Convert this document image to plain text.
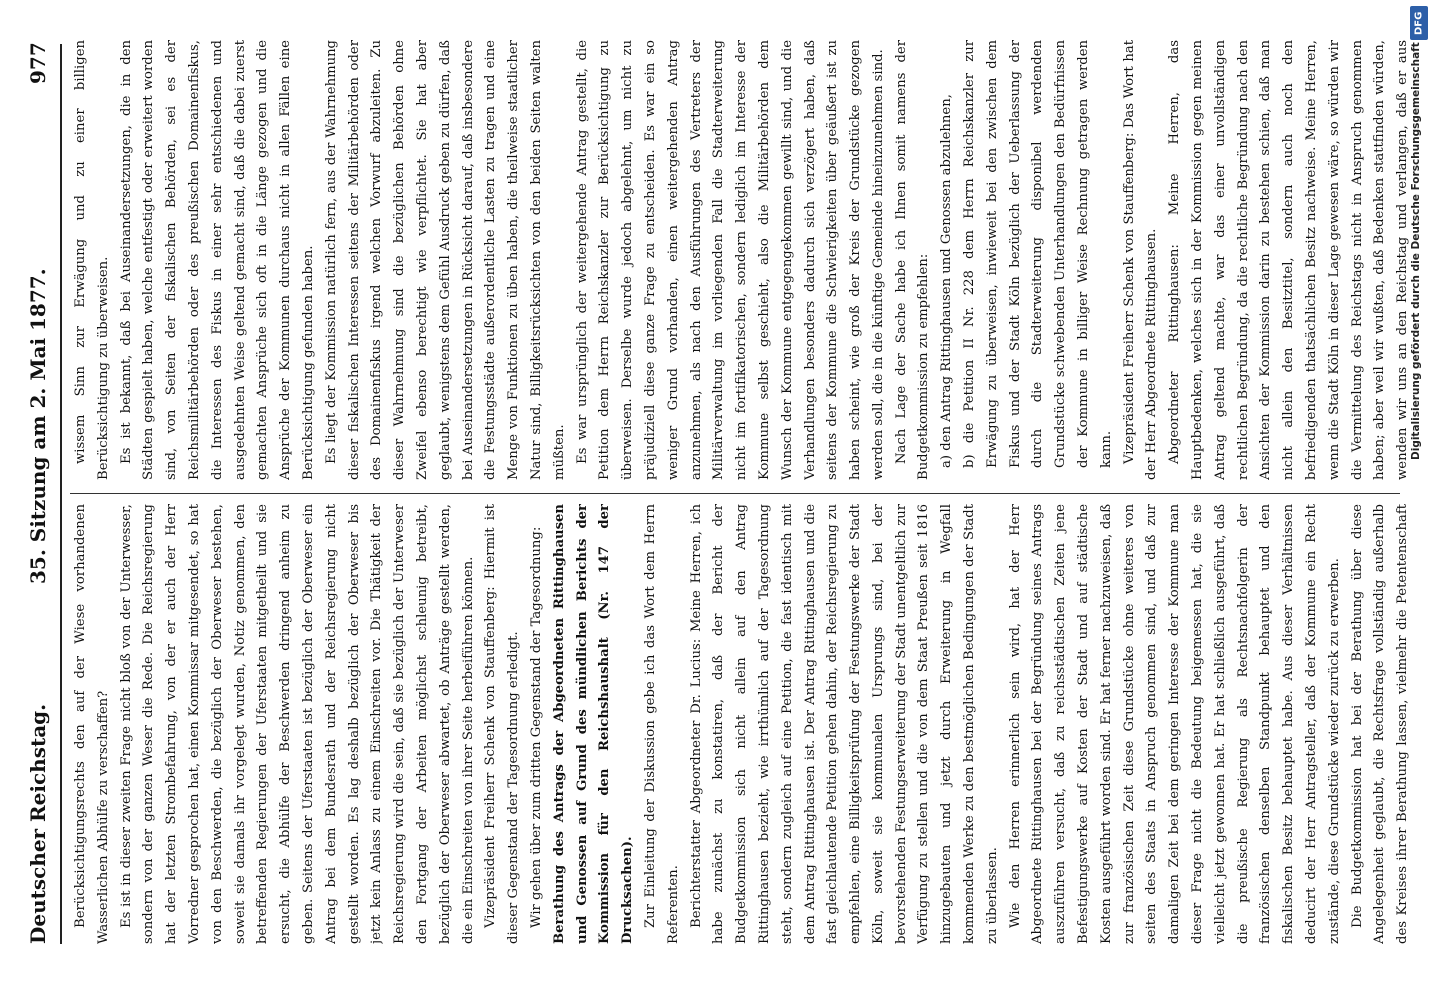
Deutscher Reichstag.
35. Sitzung am 2. Mai 1877.
977

Berücksichtigungsrechts den auf der Wiese vorhandenen Wasserlichen Abhülfe zu verschaffen? Es ist in dieser zweiten Frage nicht bloß von der Unterwesser, sondern von der ganzen Weser die Rede. Die Reichsregierung hat der letzten Strombefahrung, von der er auch der Herr Vorredner gesprochen hat, einen Kommissar mitgesendet, so hat von den Beschwerden, die bezüglich der Oberweser bestehen, soweit sie damals ihr vorgelegt wurden, Notiz genommen, den betreffenden Regierungen der Uferstaaten mitgetheilt und sie ersucht, die Abhülfe der Beschwerden dringend anheim zu geben. Seitens der Uferstaaten ist bezüglich der Oberweser ein Antrag bei dem Bundesrath und der Reichsregierung nicht gestellt worden. Es lag deshalb bezüglich der Oberweser bis jetzt kein Anlass zu einem Einschreiten vor. Die Thätigkeit der Reichsregierung wird die sein, daß sie bezüglich der Unterweser den Fortgang der Arbeiten möglichst schleunig betreibt, bezüglich der Oberweser abwartet, ob Anträge gestellt werden, die ein Einschreiten von ihrer Seite herbeiführen können. Vizepräsident Freiherr Schenk von Stauffenberg: Hiermit ist dieser Gegenstand der Tagesordnung erledigt. Wir gehen über zum dritten Gegenstand der Tagesordnung: Berathung des Antrags der Abgeordneten Rittinghausen und Genossen auf Grund des mündlichen Berichts der Kommission für den Reichshaushalt (Nr. 147 der Drucksachen). Zur Einleitung der Diskussion gebe ich das Wort dem Herrn Referenten. Berichterstatter Abgeordneter Dr. Lucius: Meine Herren, ich habe zunächst zu konstatiren, daß der Bericht der Budgetkommission sich nicht allein auf den Antrag Rittinghausen bezieht, wie irrthümlich auf der Tagesordnung steht, sondern zugleich auf eine Petition, die fast identisch mit dem Antrag Rittinghausen ist. Der Antrag Rittinghausen und die fast gleichlautende Petition gehen dahin, der Reichsregierung zu empfehlen, eine Billigkeitsprüfung der Festungswerke der Stadt Köln, soweit sie kommunalen Ursprungs sind, bei der bevorstehenden Festungserweiterung der Stadt unentgeltlich zur Verfügung zu stellen und die von dem Staat Preußen seit 1816 hinzugebauten und jetzt durch Erweiterung in Wegfall kommenden Werke zu den bestmöglichen Bedingungen der Stadt zu überlassen. Wie den Herren erinnerlich sein wird, hat der Herr Abgeordnete Rittinghausen bei der Begründung seines Antrags auszuführen versucht, daß zu reichsstädtischen Zeiten jene Befestigungswerke auf Kosten der Stadt und auf städtische Kosten ausgeführt worden sind. Er hat ferner nachzuweisen, daß zur französischen Zeit diese Grundstücke ohne weiteres von seiten des Staats in Anspruch genommen sind, und daß zur damaligen Zeit bei dem geringen Interesse der Kommune man dieser Frage nicht die Bedeutung beigemessen hat, die sie vielleicht jetzt gewonnen hat. Er hat schließlich ausgeführt, daß die preußische Regierung als Rechtsnachfolgerin der französischen denselben Standpunkt behauptet und den fiskalischen Besitz behauptet habe. Aus dieser Verhältnissen deducirt der Herr Antragsteller, daß der Kommune ein Recht zustände, diese Grundstücke wieder zurück zu erwerben. Die Budgetkommission hat bei der Berathung über diese Angelegenheit geglaubt, die Rechtsfrage vollständig außerhalb des Kreises ihrer Berathung lassen, vielmehr die Petentenschaft

wissem Sinn zur Erwägung und zu einer billigen Berücksichtigung zu überweisen. Es ist bekannt, daß bei Auseinandersetzungen, die in den Städten gespielt haben, welche entfestigt oder erweitert worden sind, von Seiten der fiskalischen Behörden, sei es der Reichsmilitärbehörden oder des preußischen Domainenfiskus, die Interessen des Fiskus in einer sehr entschiedenen und ausgedehnten Weise geltend gemacht sind, daß die dabei zuerst gemachten Ansprüche sich oft in die Länge gezogen und die Ansprüche der Kommunen durchaus nicht in allen Fällen eine Berücksichtigung gefunden haben. Es liegt der Kommission natürlich fern, aus der Wahrnehmung dieser fiskalischen Interessen seitens der Militärbehörden oder des Domainenfiskus irgend welchen Vorwurf abzuleiten. Zu dieser Wahrnehmung sind die bezüglichen Behörden ohne Zweifel ebenso berechtigt wie verpflichtet. Sie hat aber geglaubt, wenigstens dem Gefühl Ausdruck geben zu dürfen, daß bei Auseinandersetzungen in Rücksicht darauf, daß insbesondere die Festungsstädte außerordentliche Lasten zu tragen und eine Menge von Funktionen zu üben haben, die theilweise staatlicher Natur sind, Billigkeitsrücksichten von den beiden Seiten walten müßten. Es war ursprünglich der weitergehende Antrag gestellt, die Petition dem Herrn Reichskanzler zur Berücksichtigung zu überweisen. Derselbe wurde jedoch abgelehnt, um nicht zu präjudiziell diese ganze Frage zu entscheiden. Es war ein so weniger Grund vorhanden, einen weitergehenden Antrag anzunehmen, als nach den Ausführungen des Vertreters der Militärverwaltung im vorliegenden Fall die Stadterweiterung nicht im fortifikatorischen, sondern lediglich im Interesse der Kommune selbst geschieht, also die Militärbehörden dem Wunsch der Kommune entgegengekommen gewillt sind, und die Verhandlungen besonders dadurch sich verzögert haben, daß seitens der Kommune die Schwierigkeiten über geäußert ist zu haben scheint, wie groß der Kreis der Grundstücke gezogen werden soll, die in die künftige Gemeinde hineinzunehmen sind. Nach Lage der Sache habe ich Ihnen somit namens der Budgetkommission zu empfehlen: a) den Antrag Rittinghausen und Genossen abzulehnen, b) die Petition II Nr. 228 dem Herrn Reichskanzler zur Erwägung zu überweisen, inwieweit bei den zwischen dem Fiskus und der Stadt Köln bezüglich der Ueberlassung der durch die Stadterweiterung disponibel werdenden Grundstücke schwebenden Unterhandlungen den Bedürfnissen der Kommune in billiger Weise Rechnung getragen werden kann. Vizepräsident Freiherr Schenk von Stauffenberg: Das Wort hat der Herr Abgeordnete Rittinghausen. Abgeordneter Rittinghausen: Meine Herren, das Hauptbedenken, welches sich in der Kommission gegen meinen Antrag geltend machte, war das einer unvollständigen rechtlichen Begründung, da die rechtliche Begründung nach den Ansichten der Kommission darin zu bestehen schien, daß man nicht allein den Besitztitel, sondern auch noch den befriedigenden thatsächlichen Besitz nachweise. Meine Herren, wenn die Stadt Köln in dieser Lage gewesen wäre, so würden wir die Vermittelung des Reichstags nicht in Anspruch genommen haben; aber weil wir wußten, daß Bedenken stattfinden würden, wenden wir uns an den Reichstag und verlangen, daß er aus

DFG
Digitalisierung gefördert durch die Deutsche Forschungsgemeinschaft
